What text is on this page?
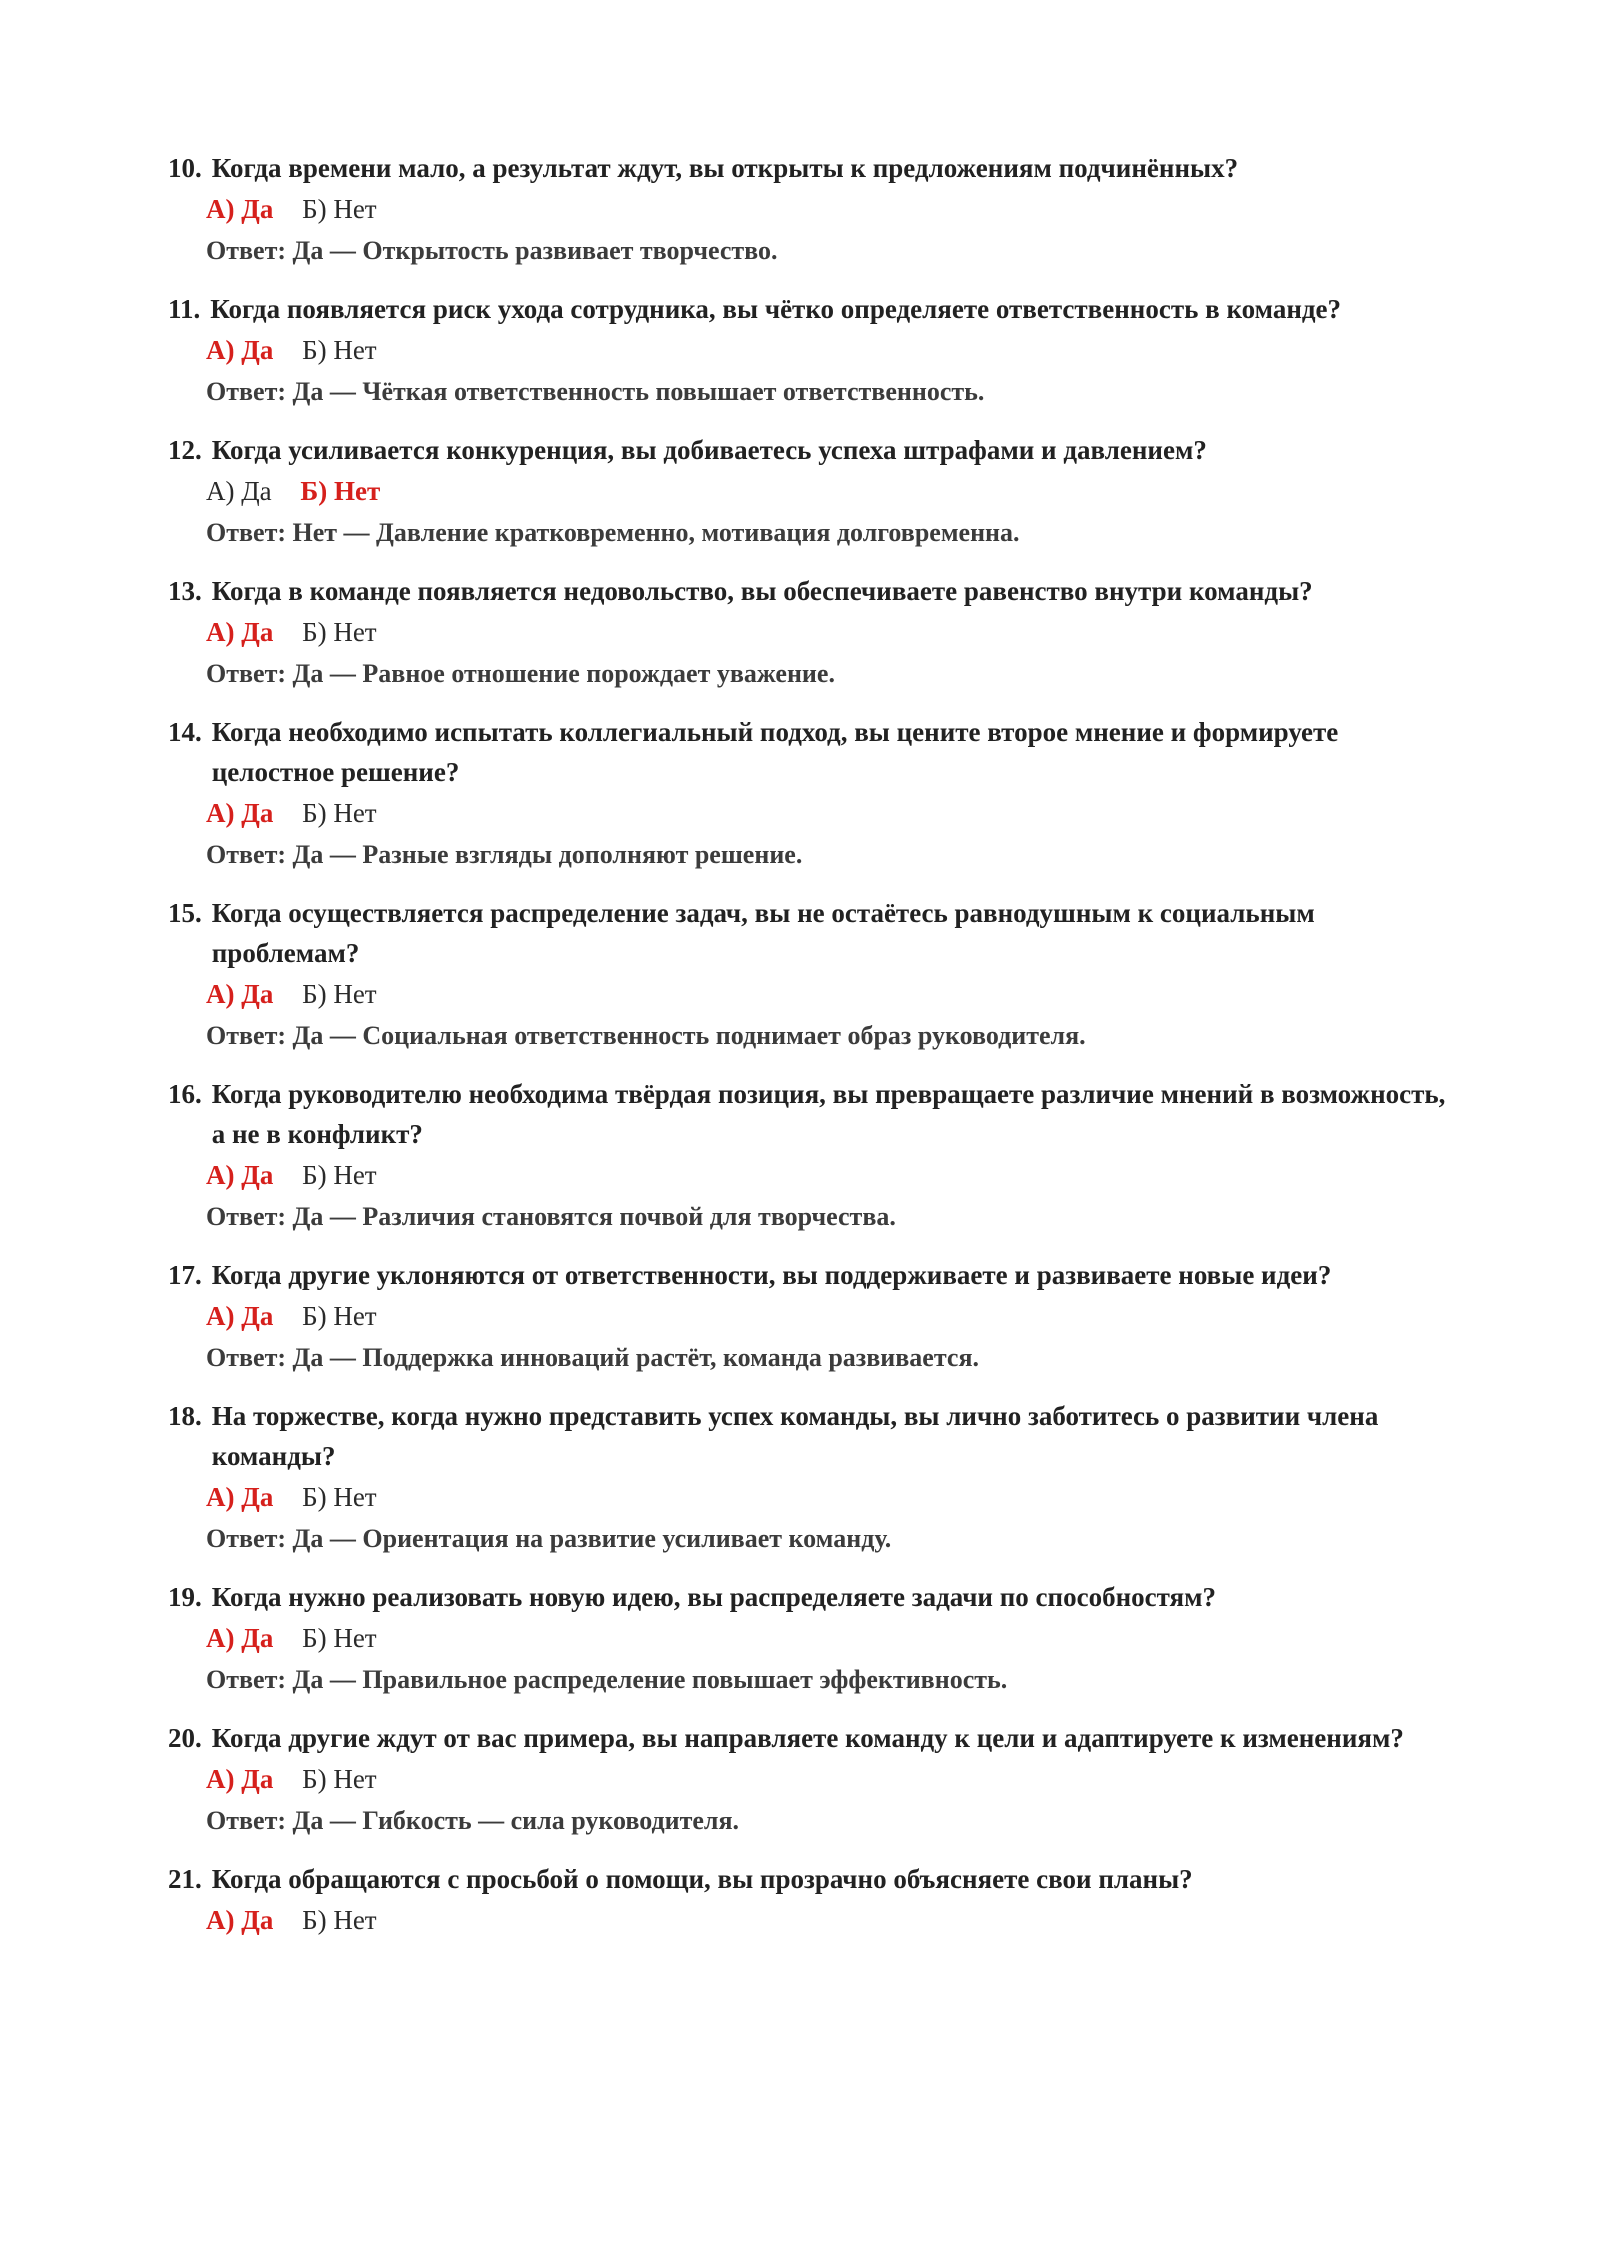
10. Когда времени мало, а результат ждут, вы открыты к предложениям подчинённых?
А) Да Б) Нет
Ответ: Да — Открытость развивает творчество.
11. Когда появляется риск ухода сотрудника, вы чётко определяете ответственность в команде?
А) Да Б) Нет
Ответ: Да — Чёткая ответственность повышает ответственность.
12. Когда усиливается конкуренция, вы добиваетесь успеха штрафами и давлением?
А) Да Б) Нет
Ответ: Нет — Давление кратковременно, мотивация долговременна.
13. Когда в команде появляется недовольство, вы обеспечиваете равенство внутри команды?
А) Да Б) Нет
Ответ: Да — Равное отношение порождает уважение.
14. Когда необходимо испытать коллегиальный подход, вы цените второе мнение и формируете целостное решение?
А) Да Б) Нет
Ответ: Да — Разные взгляды дополняют решение.
15. Когда осуществляется распределение задач, вы не остаётесь равнодушным к социальным проблемам?
А) Да Б) Нет
Ответ: Да — Социальная ответственность поднимает образ руководителя.
16. Когда руководителю необходима твёрдая позиция, вы превращаете различие мнений в возможность, а не в конфликт?
А) Да Б) Нет
Ответ: Да — Различия становятся почвой для творчества.
17. Когда другие уклоняются от ответственности, вы поддерживаете и развиваете новые идеи?
А) Да Б) Нет
Ответ: Да — Поддержка инноваций растёт, команда развивается.
18. На торжестве, когда нужно представить успех команды, вы лично заботитесь о развитии члена команды?
А) Да Б) Нет
Ответ: Да — Ориентация на развитие усиливает команду.
19. Когда нужно реализовать новую идею, вы распределяете задачи по способностям?
А) Да Б) Нет
Ответ: Да — Правильное распределение повышает эффективность.
20. Когда другие ждут от вас примера, вы направляете команду к цели и адаптируете к изменениям?
А) Да Б) Нет
Ответ: Да — Гибкость — сила руководителя.
21. Когда обращаются с просьбой о помощи, вы прозрачно объясняете свои планы?
А) Да Б) Нет
